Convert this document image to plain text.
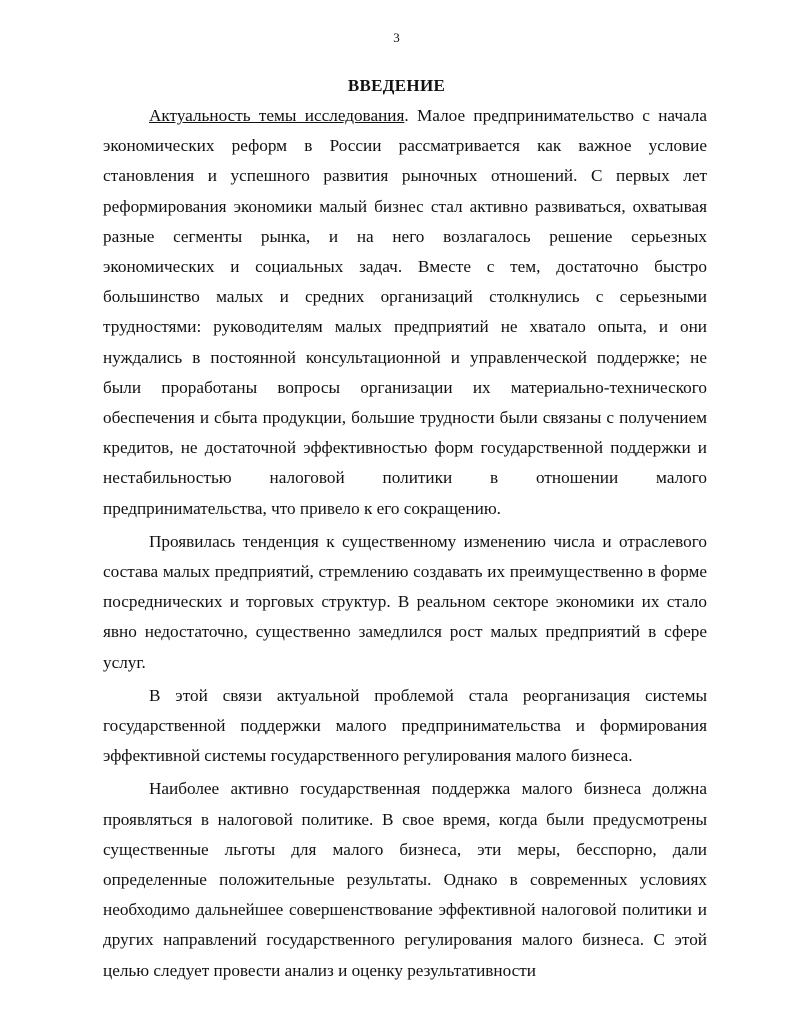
3
ВВЕДЕНИЕ

Актуальность темы исследования. Малое предпринимательство с начала экономических реформ в России рассматривается как важное условие становления и успешного развития рыночных отношений. С первых лет реформирования экономики малый бизнес стал активно развиваться, охватывая разные сегменты рынка, и на него возлагалось решение серьезных экономических и социальных задач. Вместе с тем, достаточно быстро большинство малых и средних организаций столкнулись с серьезными трудностями: руководителям малых предприятий не хватало опыта, и они нуждались в постоянной консультационной и управленческой поддержке; не были проработаны вопросы организации их материально-технического обеспечения и сбыта продукции, большие трудности были связаны с получением кредитов, не достаточной эффективностью форм государственной поддержки и нестабильностью налоговой политики в отношении малого предпринимательства, что привело к его сокращению.

Проявилась тенденция к существенному изменению числа и отраслевого состава малых предприятий, стремлению создавать их преимущественно в форме посреднических и торговых структур. В реальном секторе экономики их стало явно недостаточно, существенно замедлился рост малых предприятий в сфере услуг.

В этой связи актуальной проблемой стала реорганизация системы государственной поддержки малого предпринимательства и формирования эффективной системы государственного регулирования малого бизнеса.

Наиболее активно государственная поддержка малого бизнеса должна проявляться в налоговой политике. В свое время, когда были предусмотрены существенные льготы для малого бизнеса, эти меры, бесспорно, дали определенные положительные результаты. Однако в современных условиях необходимо дальнейшее совершенствование эффективной налоговой политики и других направлений государственного регулирования малого бизнеса. С этой целью следует провести анализ и оценку результативности
